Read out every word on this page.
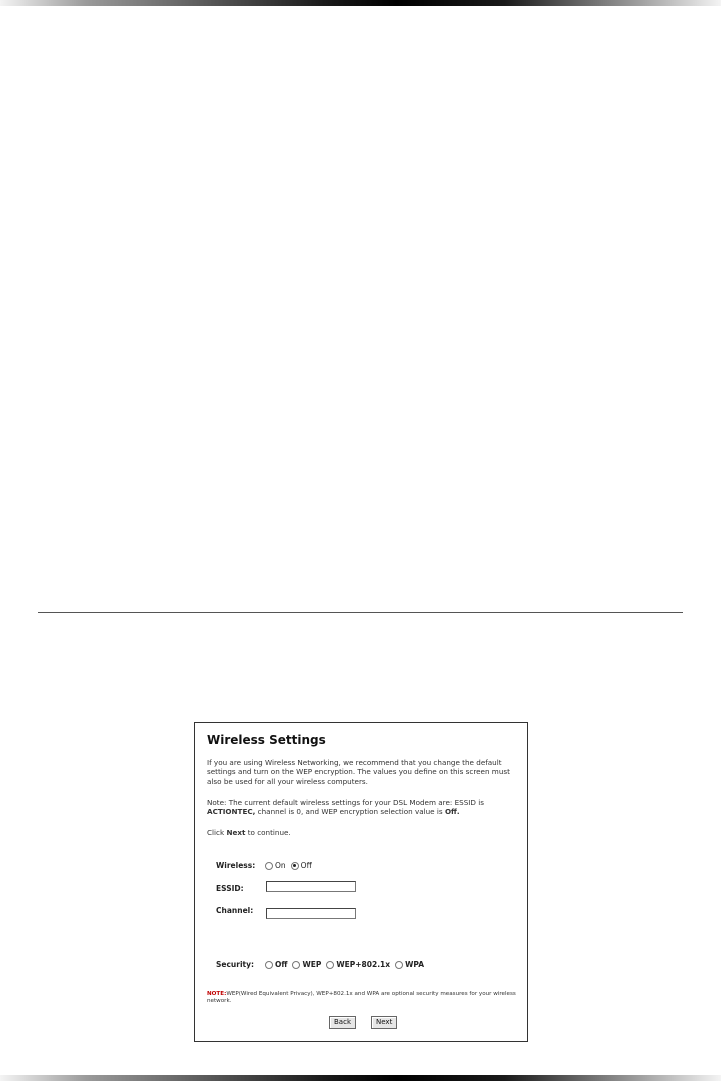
Wireless Settings
If you are using Wireless Networking, we recommend that you change the default settings and turn on the WEP encryption. The values you define on this screen must also be used for all your wireless computers.
Note: The current default wireless settings for your DSL Modem are: ESSID is ACTIONTEC, channel is 0, and WEP encryption selection value is Off.
Click Next to continue.
Wireless:	On Off
ESSID:
Channel:
Security:	Off WEP WEP+802.1x WPA
NOTE:WEP(Wired Equivalent Privacy), WEP+802.1x and WPA are optional security measures for your wireless network.
Back	Next
